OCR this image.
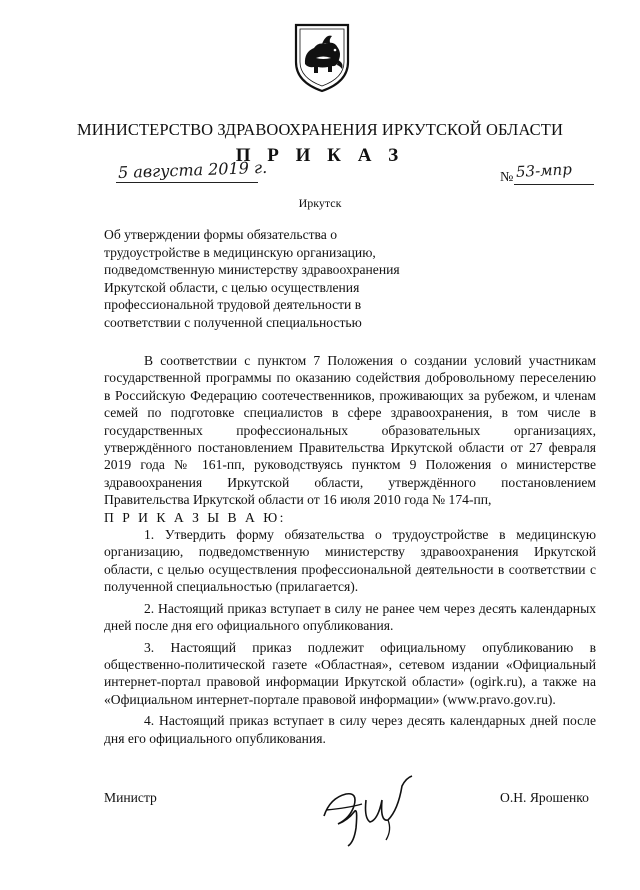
МИНИСТЕРСТВО ЗДРАВООХРАНЕНИЯ ИРКУТСКОЙ ОБЛАСТИ
П Р И К А З
5 августа 2019 г.	№ 53-мпр
Иркутск
Об утверждении формы обязательства о
трудоустройстве в медицинскую организацию,
подведомственную министерству здравоохранения
Иркутской области, с целью осуществления
профессиональной трудовой деятельности в
соответствии с полученной специальностью

В соответствии с пунктом 7 Положения о создании условий участникам государственной программы по оказанию содействия добровольному переселению в Российскую Федерацию соотечественников, проживающих за рубежом, и членам семей по подготовке специалистов в сфере здравоохранения, в том числе в государственных профессиональных образовательных организациях, утверждённого постановлением Правительства Иркутской области от 27 февраля 2019 года № 161-пп, руководствуясь пунктом 9 Положения о министерстве здравоохранения Иркутской области, утверждённого постановлением Правительства Иркутской области от 16 июля 2010 года № 174-пп,

П Р И К А З Ы В А Ю:

1. Утвердить форму обязательства о трудоустройстве в медицинскую организацию, подведомственную министерству здравоохранения Иркутской области, с целью осуществления профессиональной деятельности в соответствии с полученной специальностью (прилагается).

2. Настоящий приказ вступает в силу не ранее чем через десять календарных дней после дня его официального опубликования.

3. Настоящий приказ подлежит официальному опубликованию в общественно-политической газете «Областная», сетевом издании «Официальный интернет-портал правовой информации Иркутской области» (ogirk.ru), а также на «Официальном интернет-портале правовой информации» (www.pravo.gov.ru).

4. Настоящий приказ вступает в силу через десять календарных дней после дня его официального опубликования.

Министр	О.Н. Ярошенко
